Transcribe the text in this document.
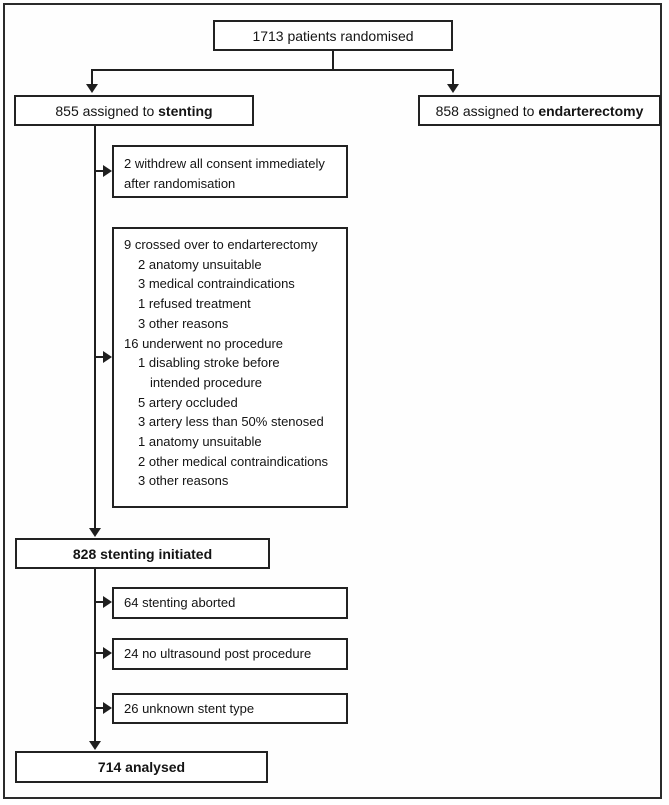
1713 patients randomised
855 assigned to stenting	858 assigned to endarterectomy
2 withdrew all consent immediately
after randomisation
9 crossed over to endarterectomy
2 anatomy unsuitable
3 medical contraindications
1 refused treatment
3 other reasons
16 underwent no procedure
1 disabling stroke before
intended procedure
5 artery occluded
3 artery less than 50% stenosed
1 anatomy unsuitable
2 other medical contraindications
3 other reasons
828 stenting initiated
64 stenting aborted
24 no ultrasound post procedure
26 unknown stent type
714 analysed
